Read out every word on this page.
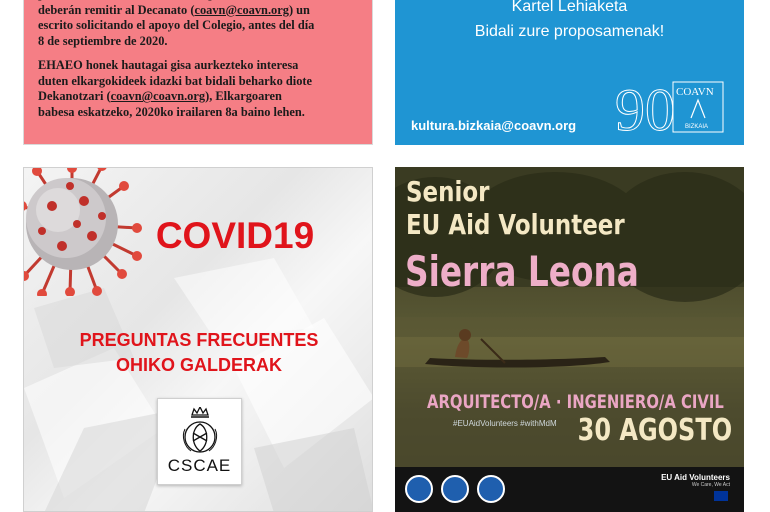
deberán remitir al Decanato (coavn@coavn.org) un
escrito solicitando el apoyo del Colegio, antes del día
8 de septiembre de 2020.

EHAEO honek hautagai gisa aurkezteko interesa
duten elkargokideek idazki bat bidali beharko diote
Dekanotzari (coavn@coavn.org), Elkargoaren
babesa eskatzeko, 2020ko irailaren 8a baino lehen.

Kartel Lehiaketa
Bidali zure proposamenak!
kultura.bizkaia@coavn.org 90 COAVN
BIZKAIA
COVID19
PREGUNTAS FRECUENTES
OHIKO GALDERAK
CSCAE
Senior
EU Aid Volunteer
Sierra Leona
ARQUITECTO/A · INGENIERO/A CIVIL
#EUAidVolunteers #withMdM 30 AGOSTO
EU Aid Volunteers
We Care, We Act
